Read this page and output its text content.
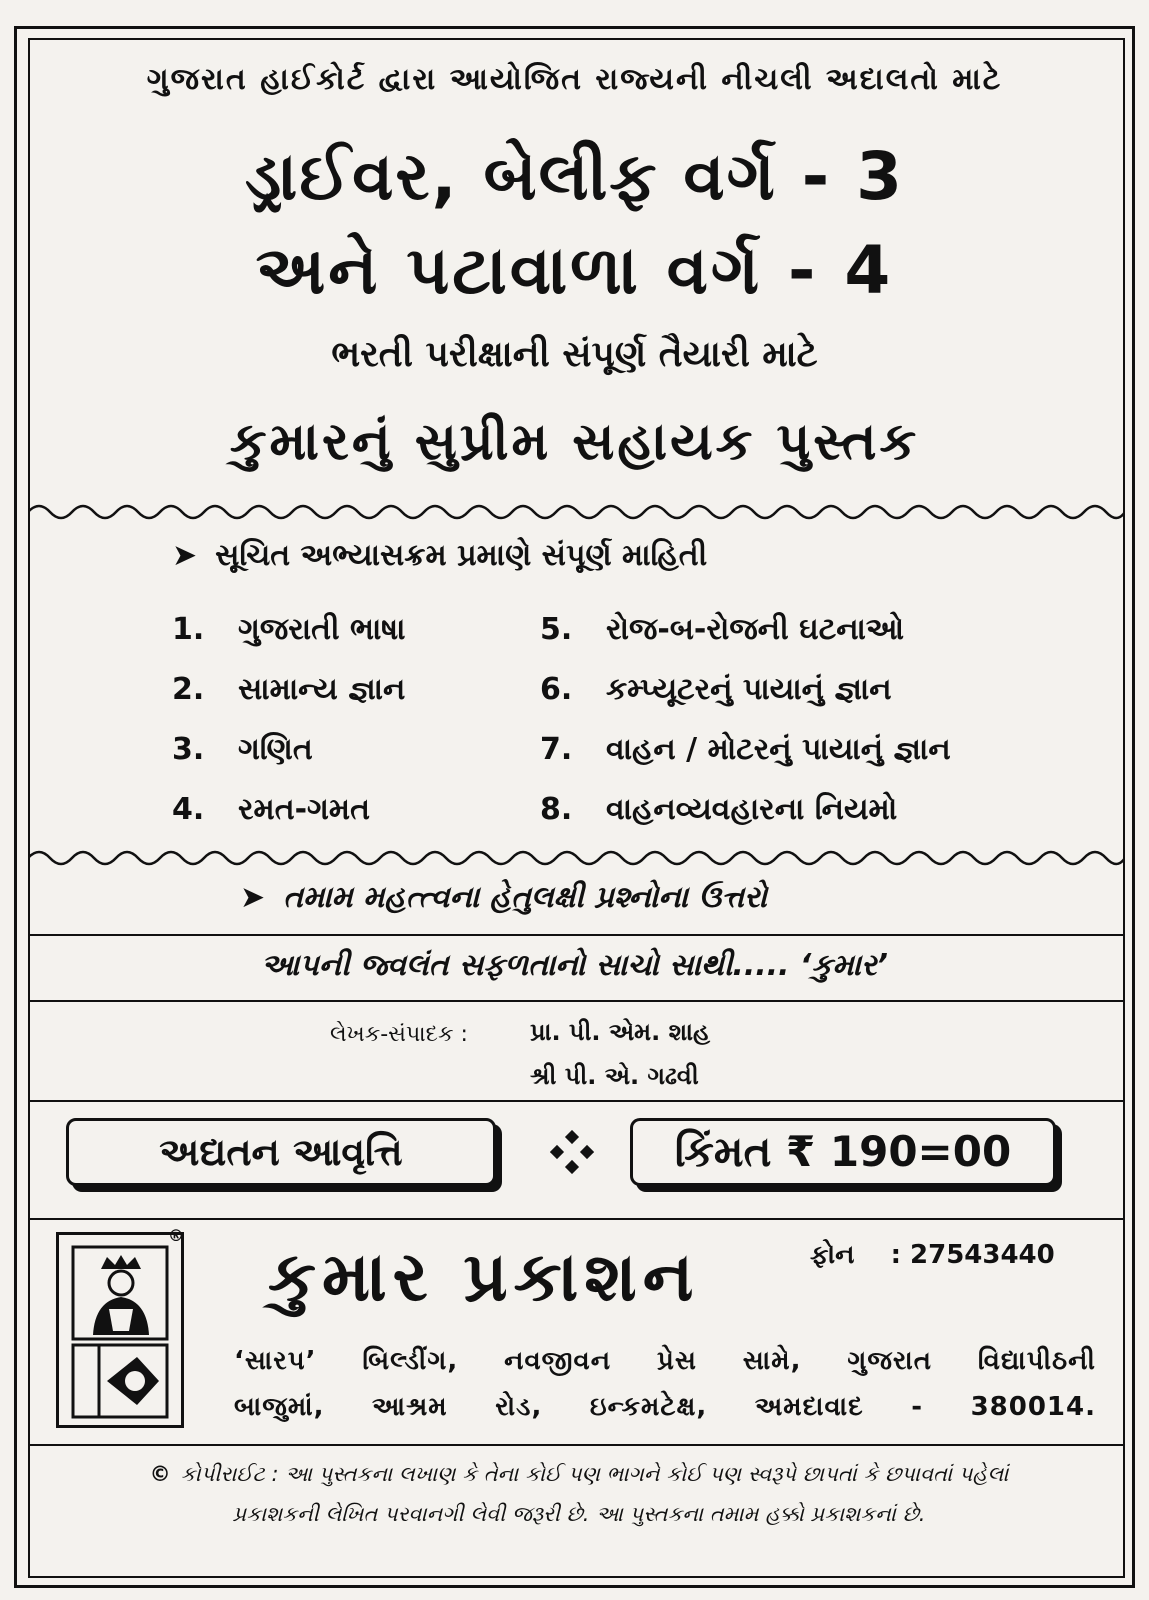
ગુજરાત હાઈકોર્ટ દ્વારા આયોજિત રાજ્યની નીચલી અદાલતો માટે
ડ્રાઈવર, બેલીફ વર્ગ - 3
અને પટાવાળા વર્ગ - 4
ભરતી પરીક્ષાની સંપૂર્ણ તૈયારી માટે
કુમારનું સુપ્રીમ સહાયક પુસ્તક
➤ સૂચિત અભ્યાસક્રમ પ્રમાણે સંપૂર્ણ માહિતી
1. ગુજરાતી ભાષા
2. સામાન્ય જ્ઞાન
3. ગણિત
4. રમત-ગમત
5. રોજ-બ-રોજની ઘટનાઓ
6. કમ્પ્યૂટરનું પાયાનું જ્ઞાન
7. વાહન / મોટરનું પાયાનું જ્ઞાન
8. વાહનવ્યવહારના નિયમો
➤ તમામ મહત્ત્વના હેતુલક્ષી પ્રશ્નોના ઉત્તરો
આપની જ્વલંત સફળતાનો સાચો સાથી..... ‘કુમાર’
લેખક-સંપાદક :	પ્રા. પી. એમ. શાહ
શ્રી પી. એ. ગઢવી
અદ્યતન આવૃત્તિ	કિંમત ₹ 190=00
®
કુમાર પ્રકાશન	ફોન : 27543440
‘સારપ’ બિલ્ડીંગ, નવજીવન પ્રેસ સામે, ગુજરાત વિદ્યાપીઠની
બાજુમાં, આશ્રમ રોડ, ઇન્કમટેક્ષ, અમદાવાદ - 380014.
© કોપીરાઈટ : આ પુસ્તકના લખાણ કે તેના કોઈ પણ ભાગને કોઈ પણ સ્વરૂપે છાપતાં કે છપાવતાં પહેલાં
પ્રકાશકની લેખિત પરવાનગી લેવી જરૂરી છે. આ પુસ્તકના તમામ હક્કો પ્રકાશકનાં છે.
